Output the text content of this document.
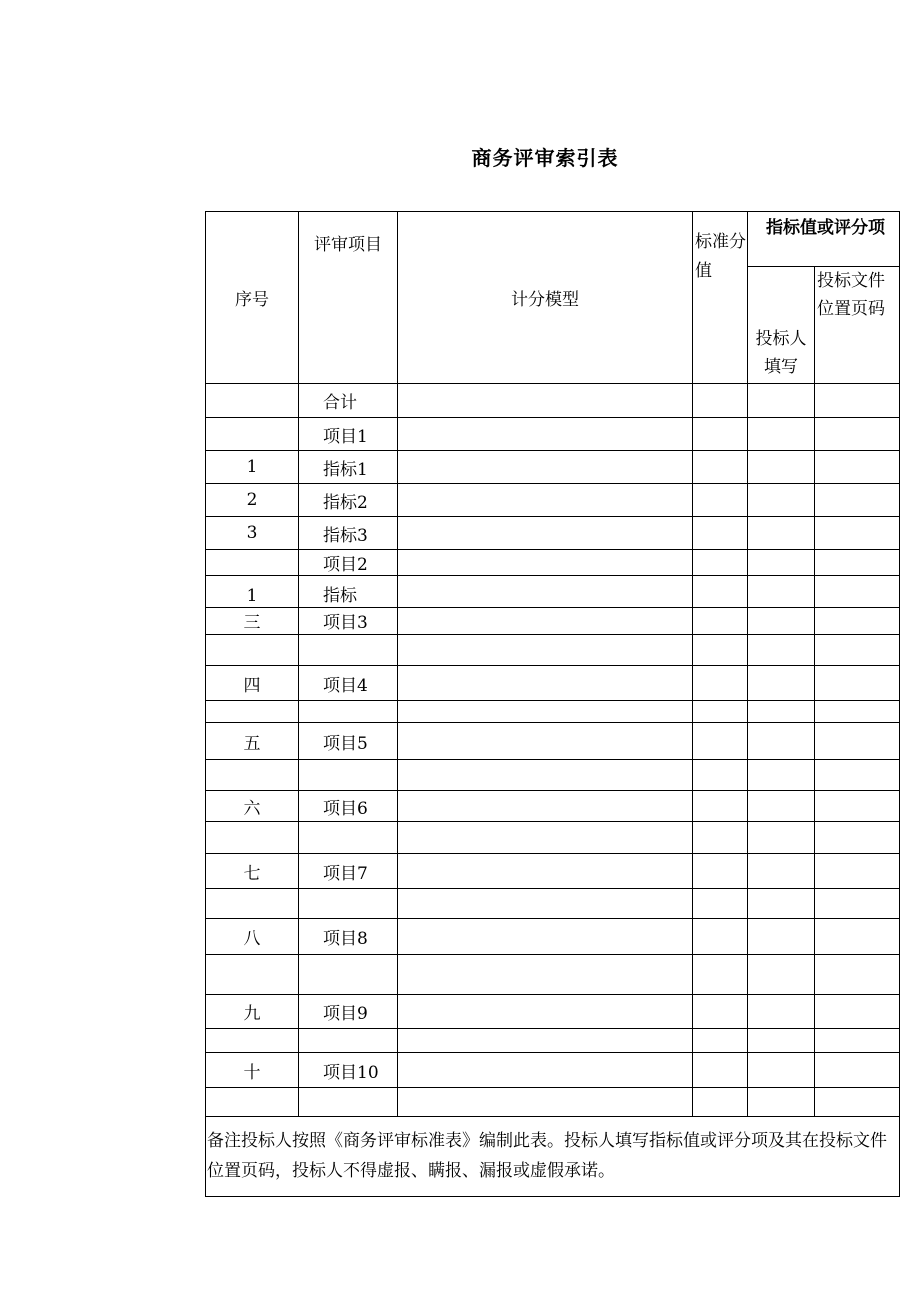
商务评审索引表
序号	评审项目	计分模型	标准分值	指标值或评分项	
				投标人填写	投标文件位置页码
	合计				
	项目1				
1	指标1				
2	指标2				
3	指标3				
	项目2				
1	指标				
三	项目3				

四	项目4				

五	项目5				

六	项目6				

七	项目7				

八	项目8				

九	项目9				

十	项目10				

备注投标人按照《商务评审标准表》编制此表。投标人填写指标值或评分项及其在投标文件位置页码，投标人不得虚报、瞒报、漏报或虚假承诺。					
